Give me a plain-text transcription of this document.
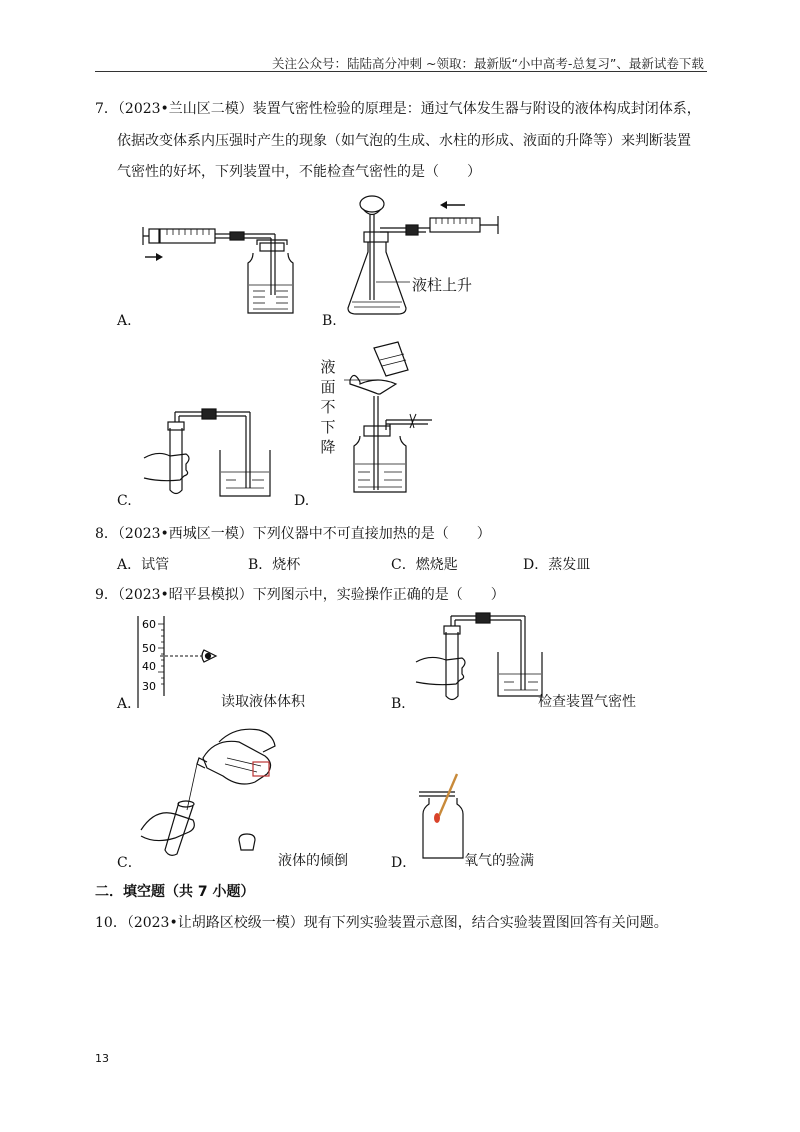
关注公众号：陆陆高分冲刺 ~领取：最新版“小中高考-总复习”、最新试卷下载
7．（2023•兰山区二模）装置气密性检验的原理是：通过气体发生器与附设的液体构成封闭体系，
依据改变体系内压强时产生的现象（如气泡的生成、水柱的形成、液面的升降等）来判断装置
气密性的好坏，下列装置中，不能检查气密性的是（　　）
A.
液柱上升
B.
C.
液面不下降
D.
8．（2023•西城区一模）下列仪器中不可直接加热的是（　　）
A．试管	B．烧杯	C．燃烧匙	D．蒸发皿
9．（2023•昭平县模拟）下列图示中，实验操作正确的是（　　）
60
50
40
30
A．	读取液体体积	B．	检查装置气密性
C．	液体的倾倒	D．	氧气的验满
二．填空题（共 7 小题）
10．（2023•让胡路区校级一模）现有下列实验装置示意图，结合实验装置图回答有关问题。
13
